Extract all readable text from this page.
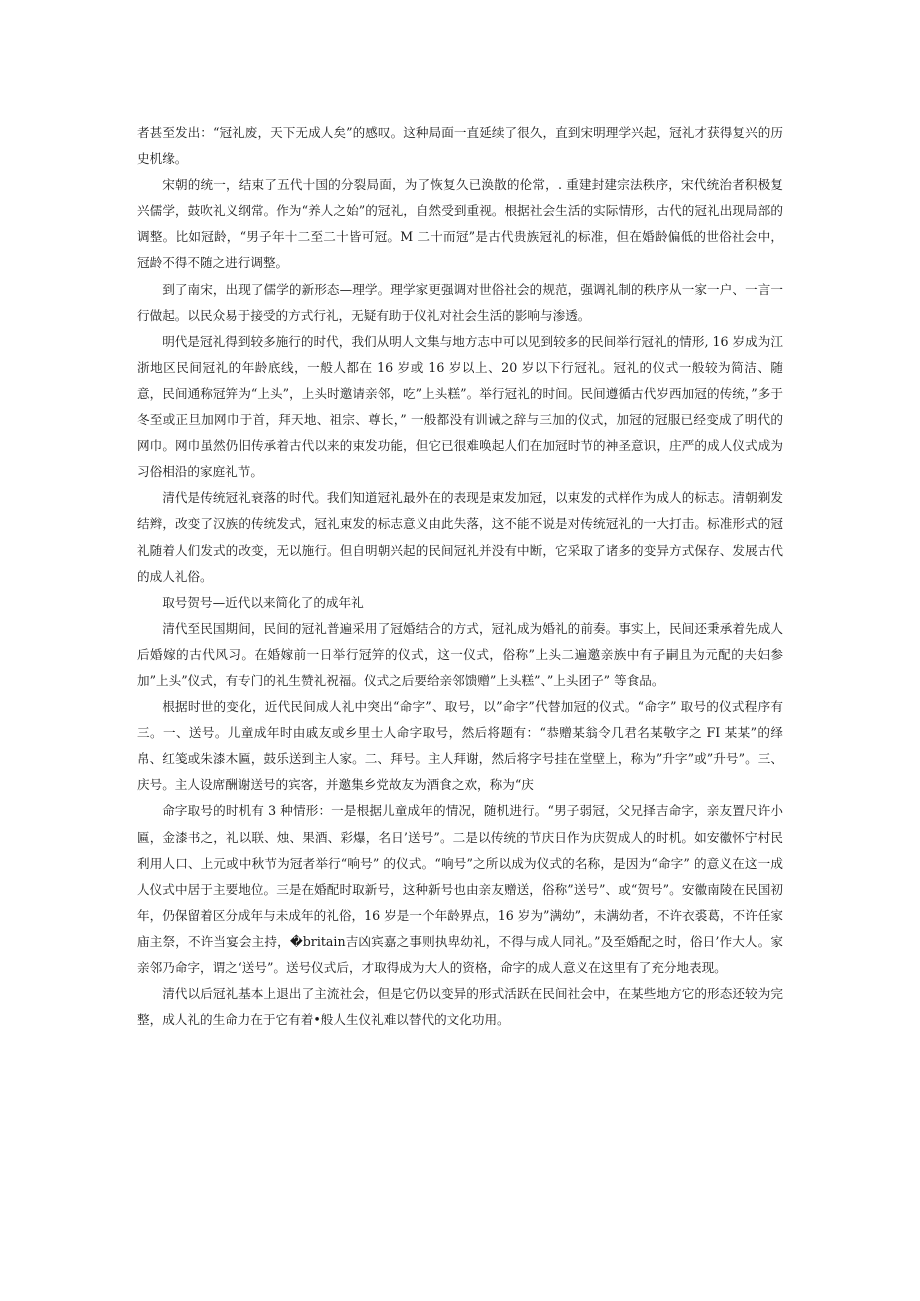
者甚至发出：“冠礼废，天下无成人矣”的感叹。这种局面一直延续了很久，直到宋明理学兴起，冠礼才获得复兴的历史机缘。

宋朝的统一，结束了五代十国的分裂局面，为了恢复久已涣散的伦常，. 重建封建宗法秩序，宋代统治者积极复兴儒学，鼓吹礼义纲常。作为“养人之始”的冠礼，自然受到重视。根据社会生活的实际情形，古代的冠礼出现局部的调整。比如冠龄，“男子年十二至二十皆可冠。M 二十而冠”是古代贵族冠礼的标准，但在婚龄偏低的世俗社会中，冠龄不得不随之进行调整。

到了南宋，出现了儒学的新形态—理学。理学家更强调对世俗社会的规范，强调礼制的秩序从一家一户、一言一行做起。以民众易于接受的方式行礼，无疑有助于仪礼对社会生活的影响与渗透。

明代是冠礼得到较多施行的时代，我们从明人文集与地方志中可以见到较多的民间举行冠礼的情形, 16 岁成为江浙地区民间冠礼的年龄底线，一般人都在 16 岁或 16 岁以上、20 岁以下行冠礼。冠礼的仪式一般较为简洁、随意，民间通称冠笄为“上头”，上头时邀请亲邻，吃”上头糕”。举行冠礼的时间。民间遵循古代岁西加冠的传统，”多于冬至或正旦加网巾于首，拜天地、祖宗、尊长，” 一般都没有训诫之辞与三加的仪式，加冠的冠服已经变成了明代的网巾。网巾虽然仍旧传承着古代以来的束发功能，但它已很难唤起人们在加冠时节的神圣意识，庄严的成人仪式成为习俗相沿的家庭礼节。

清代是传统冠礼衰落的时代。我们知道冠礼最外在的表现是束发加冠，以束发的式样作为成人的标志。清朝剃发结辫，改变了汉族的传统发式，冠礼束发的标志意义由此失落，这不能不说是对传统冠礼的一大打击。标准形式的冠礼随着人们发式的改变，无以施行。但自明朝兴起的民间冠礼并没有中断，它采取了诸多的变异方式保存、发展古代的成人礼俗。

取号贺号—近代以来简化了的成年礼

清代至民国期间，民间的冠礼普遍采用了冠婚结合的方式，冠礼成为婚礼的前奏。事实上，民间还秉承着先成人后婚嫁的古代风习。在婚嫁前一日举行冠笄的仪式，这一仪式，俗称”上头二遍邀亲族中有子嗣且为元配的夫妇参加”上头”仪式，有专门的礼生赞礼祝福。仪式之后要给亲邻馈赠”上头糕”、”上头团子” 等食品。

根据时世的变化，近代民间成人礼中突出“命字”、取号，以”命字”代替加冠的仪式。“命字” 取号的仪式程序有三。一、送号。儿童成年时由戚友或乡里士人命字取号，然后将题有：“恭赠某翁令几君名某敬字之 FI 某某”的绎帛、红笺或朱漆木匾，鼓乐送到主人家。二、拜号。主人拜谢，然后将字号挂在堂壁上，称为”升字”或”升号”。三、庆号。主人设席酬谢送号的宾客，并邀集乡党故友为酒食之欢，称为“庆

命字取号的时机有 3 种情形：一是根据儿童成年的情况，随机进行。“男子弱冠，父兄择吉命字，亲友置尺许小匾，金漆书之，礼以联、烛、果酒、彩爆，名日’送号”。二是以传统的节庆日作为庆贺成人的时机。如安徽怀宁村民利用人口、上元或中秋节为冠者举行“响号” 的仪式。“响号”之所以成为仪式的名称，是因为“命字” 的意义在这一成人仪式中居于主要地位。三是在婚配时取新号，这种新号也由亲友赠送，俗称”送号”、或“贺号”。安徽南陵在民国初年，仍保留着区分成年与未成年的礼俗，16 岁是一个年龄界点，16 岁为”满幼”，未满幼者，不许衣裘葛，不许任家庙主祭，不许当宴会主持，�britain吉凶宾嘉之事则执卑幼礼，不得与成人同礼。”及至婚配之时，俗日’作大人。家亲邻乃命字，谓之‘送号”。送号仪式后，才取得成为大人的资格，命字的成人意义在这里有了充分地表现。

清代以后冠礼基本上退出了主流社会，但是它仍以变异的形式活跃在民间社会中，在某些地方它的形态还较为完整，成人礼的生命力在于它有着•般人生仪礼难以替代的文化功用。
